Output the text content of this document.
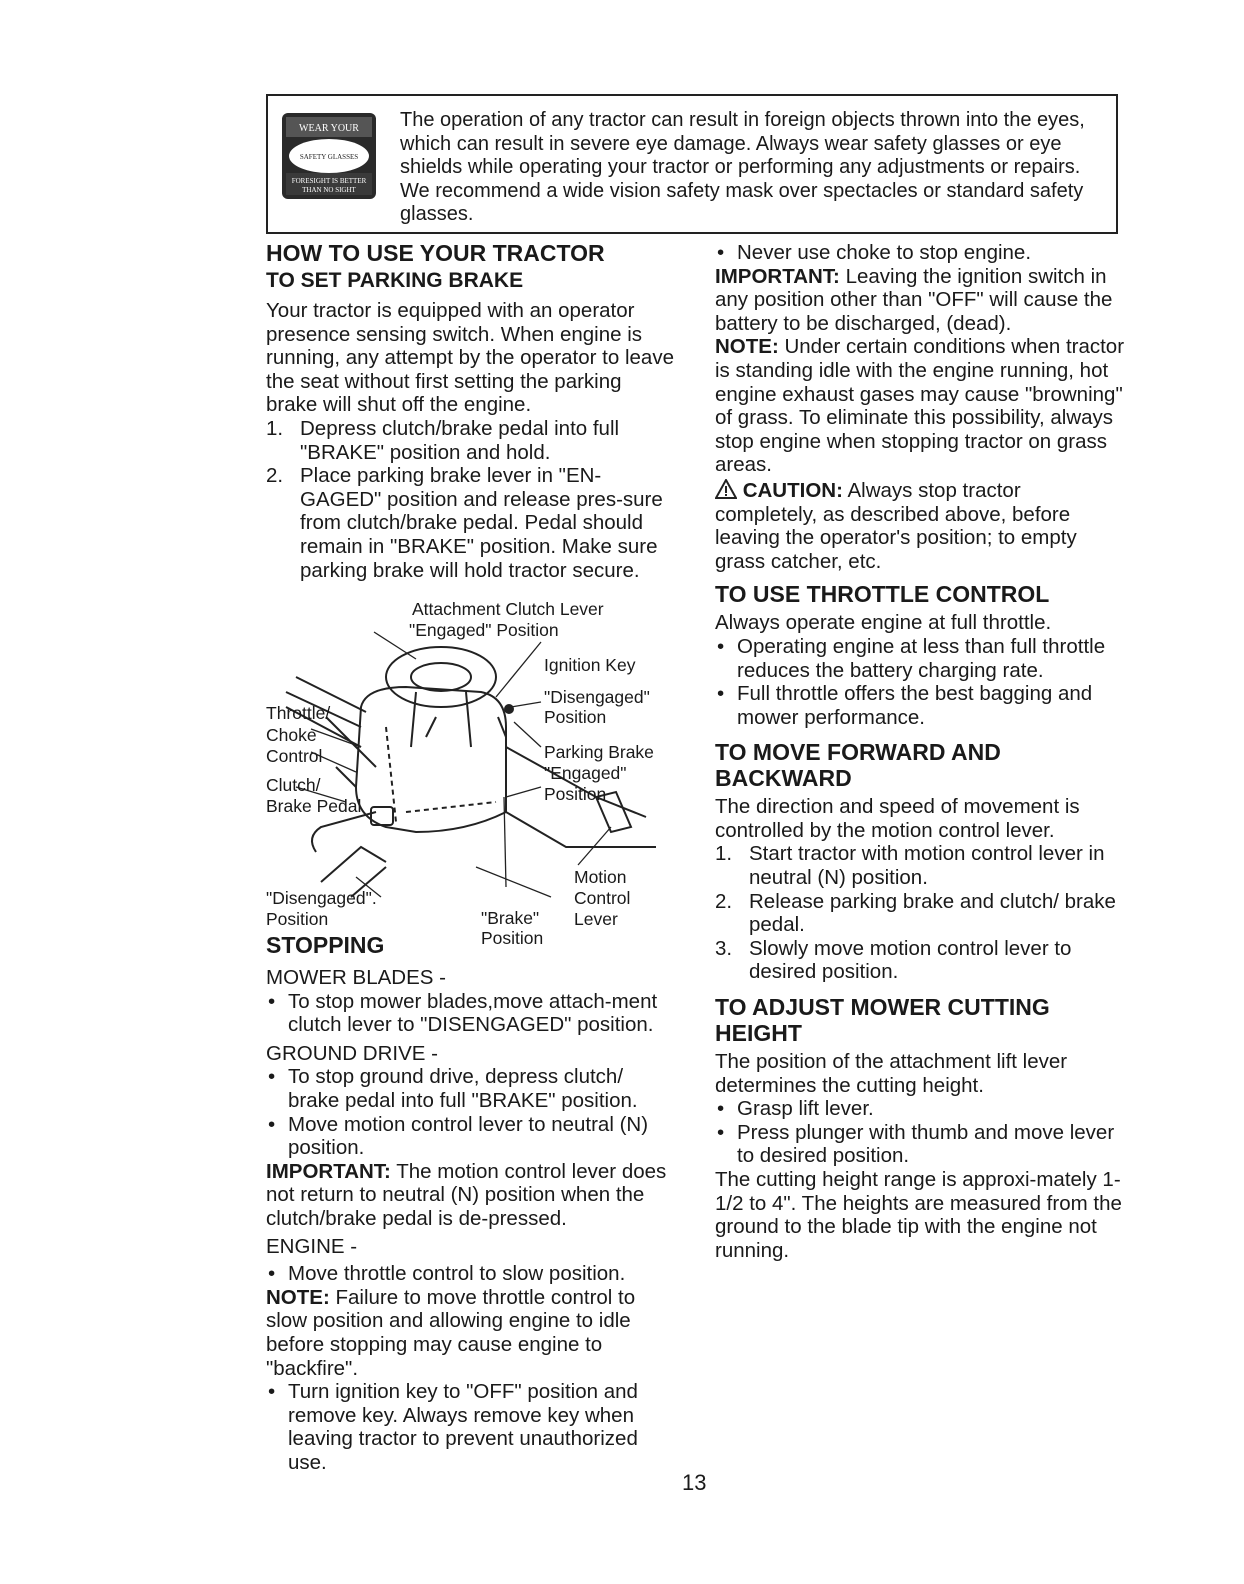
WEAR YOUR
SAFETY GLASSES
FORESIGHT IS BETTER
THAN NO SIGHT

The operation of any tractor can result in foreign objects thrown into the eyes, which can result in severe eye damage. Always wear safety glasses or eye shields while operating your tractor or performing any adjustments or repairs. We recommend a wide vision safety mask over spectacles or standard safety glasses.

HOW TO USE YOUR TRACTOR

TO SET PARKING BRAKE

Your tractor is equipped with an operator presence sensing switch. When engine is running, any attempt by the operator to leave the seat without first setting the parking brake will shut off the engine.

1. Depress clutch/brake pedal into full "BRAKE" position and hold.
2. Place parking brake lever in "EN-GAGED" position and release pres-sure from clutch/brake pedal. Pedal should remain in "BRAKE" position. Make sure parking brake will hold tractor secure.
Attachment Clutch Lever
"Engaged" Position
Ignition Key
"Disengaged"
Position
Throttle/
Choke
Control	Parking Brake
"Engaged"
Position
Clutch/
Brake Pedal
Motion
Control
Lever
"Disengaged".
Position	"Brake"
Position

STOPPING

MOWER BLADES -

• To stop mower blades,move attach-ment clutch lever to "DISENGAGED" position.

GROUND DRIVE -

• To stop ground drive, depress clutch/ brake pedal into full "BRAKE" position.
• Move motion control lever to neutral (N) position.

IMPORTANT: The motion control lever does not return to neutral (N) position when the clutch/brake pedal is de-pressed.

ENGINE -

• Move throttle control to slow position.

NOTE: Failure to move throttle control to slow position and allowing engine to idle before stopping may cause engine to "backfire".

• Turn ignition key to "OFF" position and remove key. Always remove key when leaving tractor to prevent unauthorized use.
• Never use choke to stop engine.

IMPORTANT: Leaving the ignition switch in any position other than "OFF" will cause the battery to be discharged, (dead).

NOTE: Under certain conditions when tractor is standing idle with the engine running, hot engine exhaust gases may cause "browning" of grass. To eliminate this possibility, always stop engine when stopping tractor on grass areas.

CAUTION: Always stop tractor completely, as described above, before leaving the operator's position; to empty grass catcher, etc.

TO USE THROTTLE CONTROL

Always operate engine at full throttle.

• Operating engine at less than full throttle reduces the battery charging rate.
• Full throttle offers the best bagging and mower performance.

TO MOVE FORWARD AND BACKWARD

The direction and speed of movement is controlled by the motion control lever.

1. Start tractor with motion control lever in neutral (N) position.
2. Release parking brake and clutch/ brake pedal.
3. Slowly move motion control lever to desired position.

TO ADJUST MOWER CUTTING HEIGHT

The position of the attachment lift lever determines the cutting height.

• Grasp lift lever.
• Press plunger with thumb and move lever to desired position.

The cutting height range is approxi-mately 1-1/2 to 4". The heights are measured from the ground to the blade tip with the engine not running.

13
